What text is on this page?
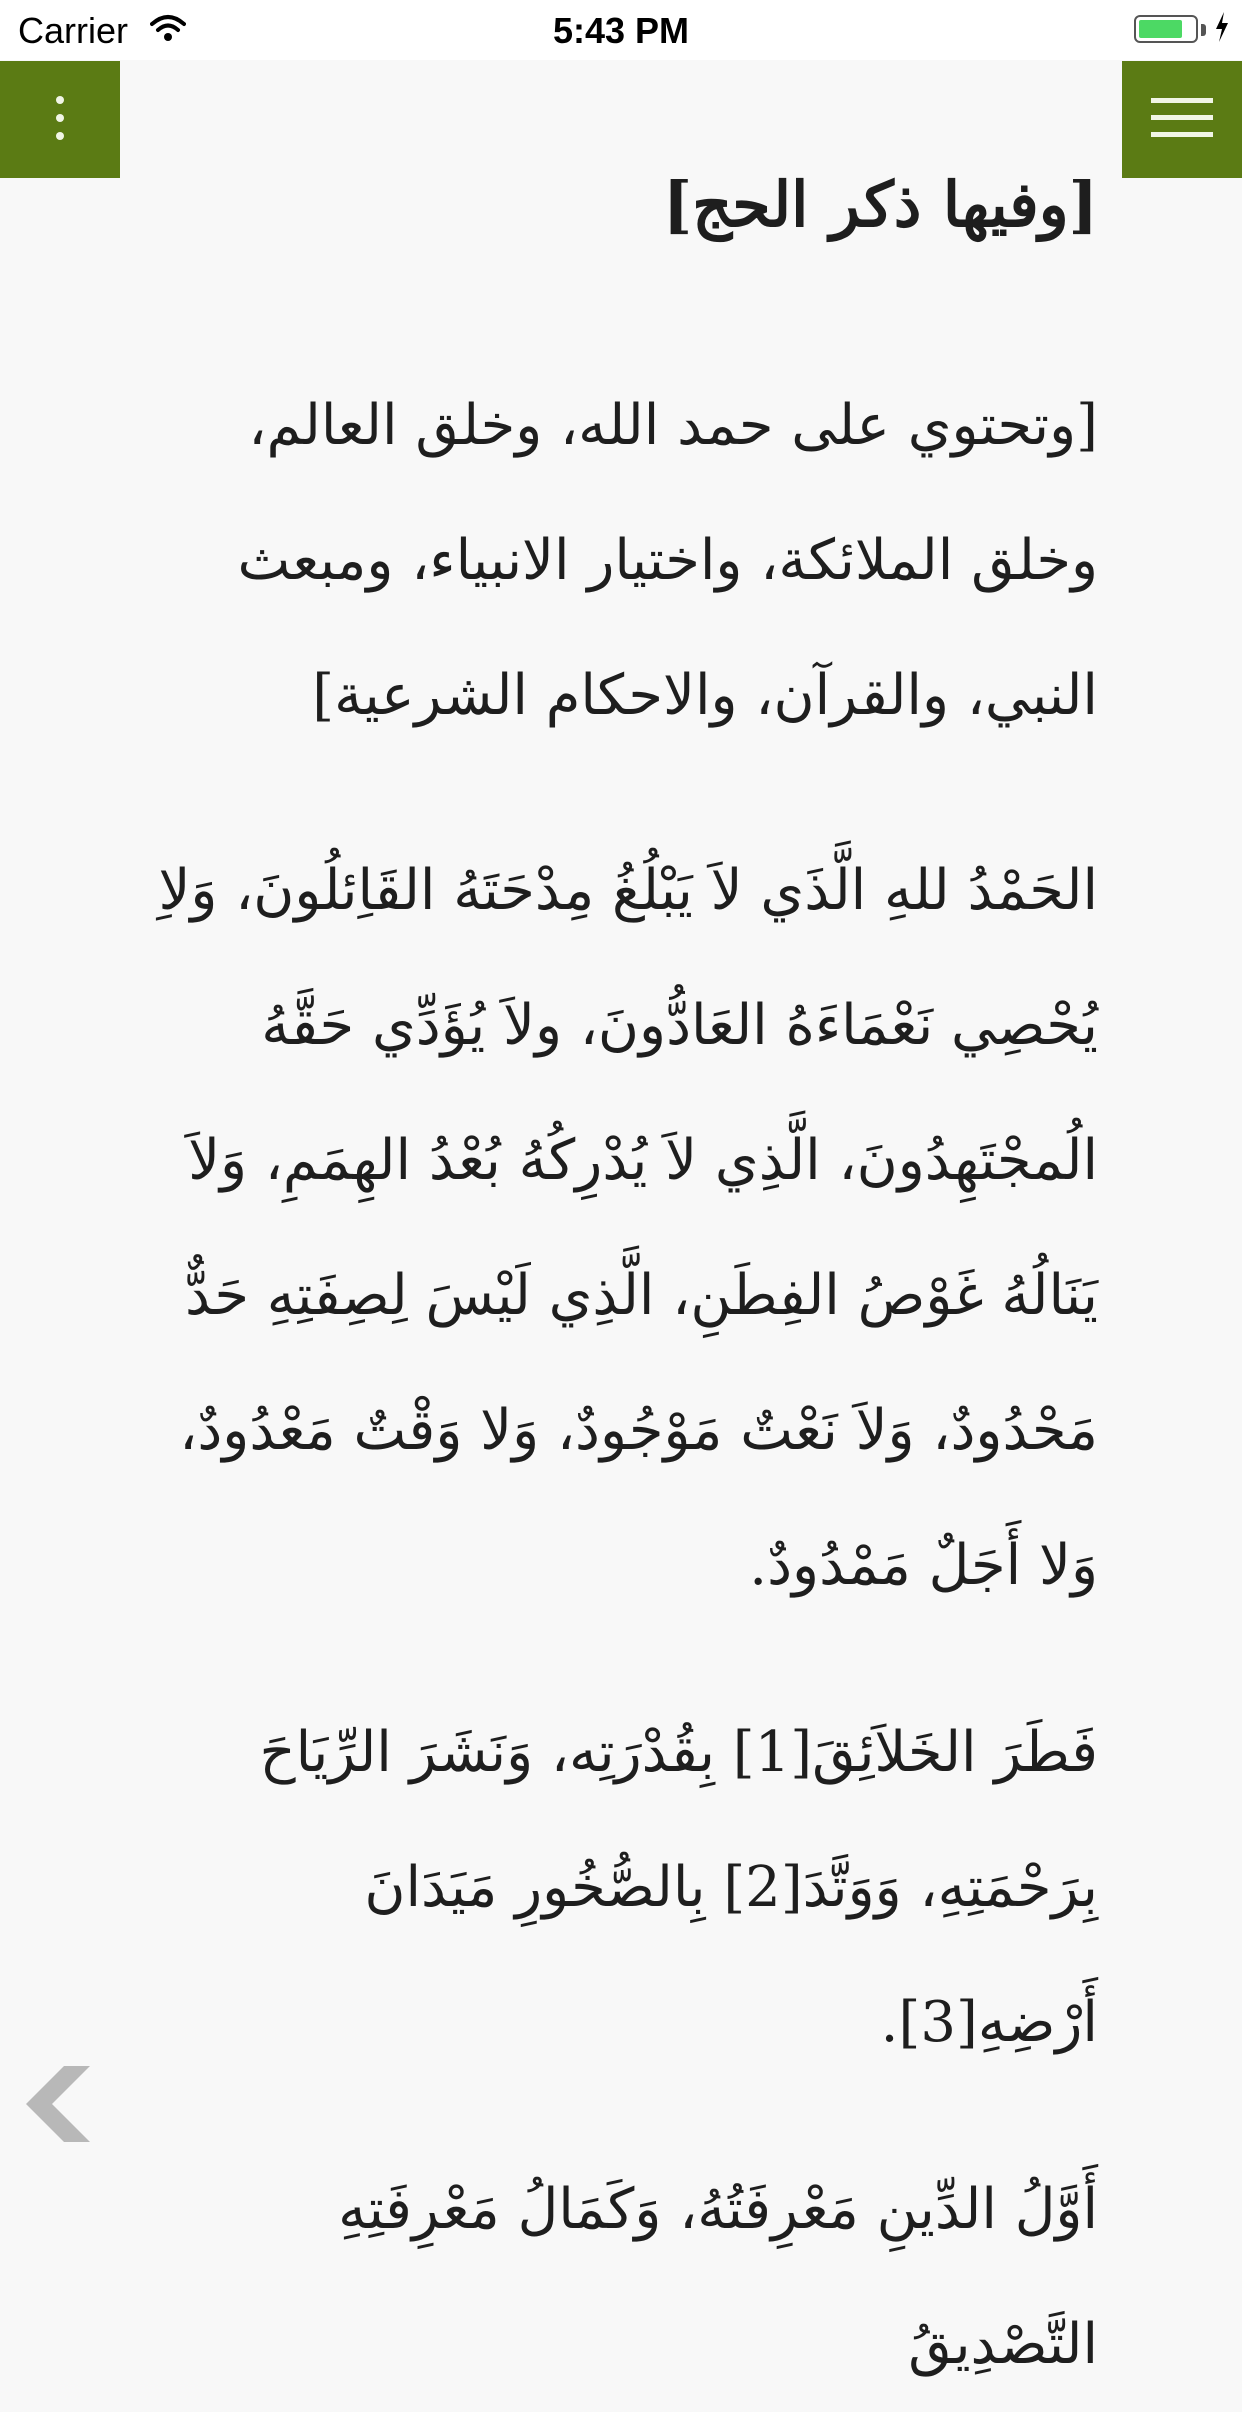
Carrier	5:43 PM
[وفيها ذكر الحج]

[وتحتوي على حمد الله، وخلق العالم، وخلق الملائكة، واختيار الانبياء، ومبعث النبي، والقرآن، والاحكام الشرعية]

الحَمْدُ للهِ الَّذَي لاَ يَبْلُغُ مِدْحَتَهُ القَاِئلُونَ، وَلاِ يُحْصِي نَعْمَاءَهُ العَادُّونَ، ولاَ يُؤَدِّي حَقَّهُ الُمجْتَهِدُونَ، الَّذِي لاَ يُدْرِكُهُ بُعْدُ الهِمَمِ، وَلاَ يَنَالُهُ غَوْصُ الفِطَنِ، الَّذِي لَيْسَ لِصِفَتِهِ حَدٌّ مَحْدُودٌ، وَلاَ نَعْتٌ مَوْجُودٌ، وَلا وَقْتٌ مَعْدُودٌ، وَلا أَجَلٌ مَمْدُودٌ.

فَطَرَ الخَلاَئِقَ[1] بِقُدْرَتِه، وَنَشَرَ الرِّيَاحَ بِرَحْمَتِهِ، وَوَتَّدَ[2] بِالصُّخُورِ مَيَدَانَ أَرْضِهِ[3].

أَوَّلُ الدِّينِ مَعْرِفَتُهُ، وَكَمَالُ مَعْرِفَتِهِ التَّصْدِيقُ
